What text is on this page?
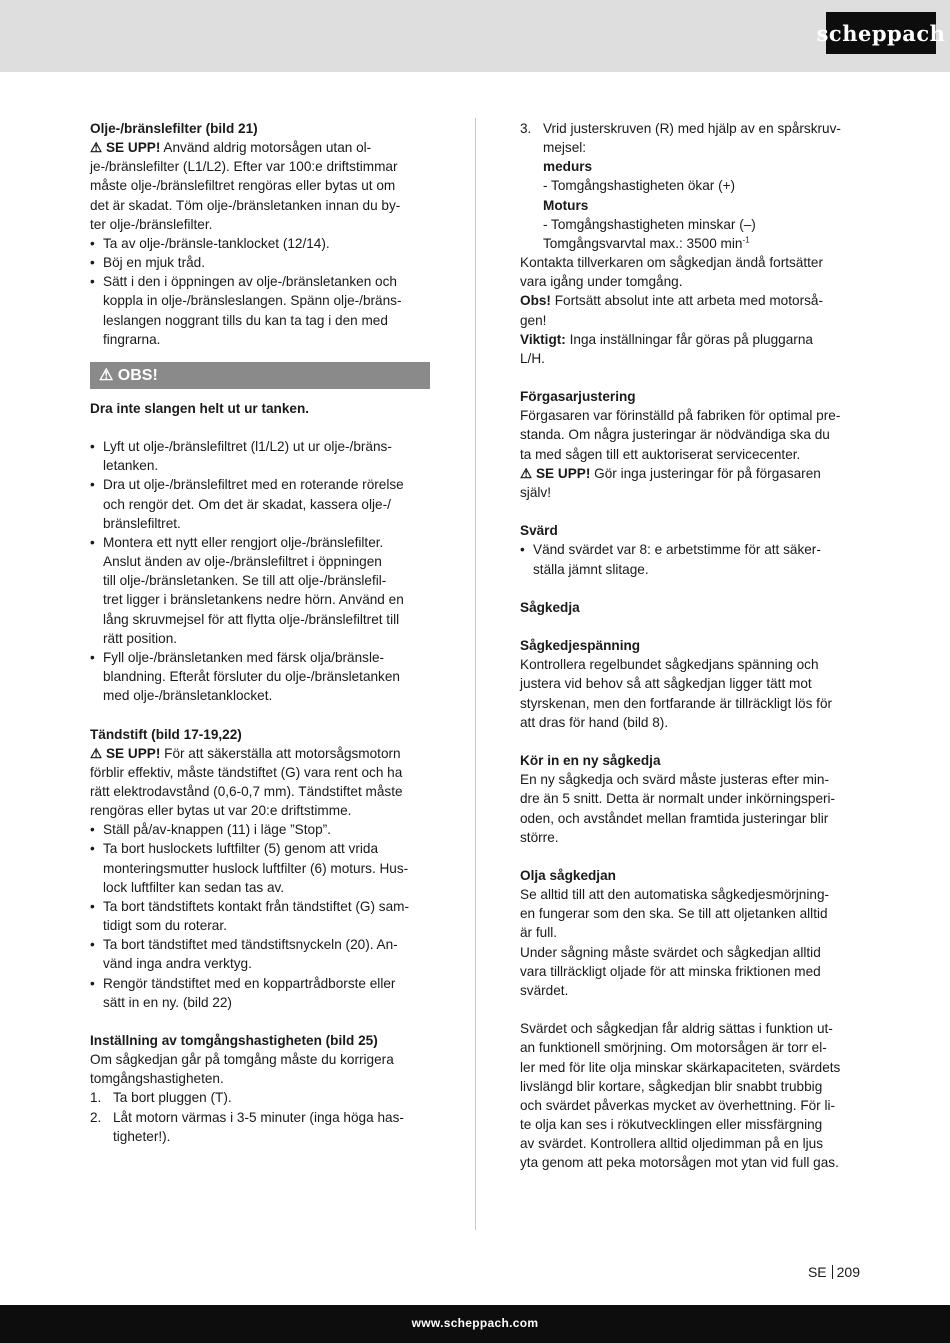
scheppach

Olje-/bränslefilter (bild 21)

⚠ SE UPP! Använd aldrig motorsågen utan ol-

je-/bränslefilter (L1/L2). Efter var 100:e driftstimmar

måste olje-/bränslefiltret rengöras eller bytas ut om

det är skadat. Töm olje-/bränsletanken innan du by-

ter olje-/bränslefilter.

• Ta av olje-/bränsle-tanklocket (12/14).
• Böj en mjuk tråd.
• Sätt i den i öppningen av olje-/bränsletanken och
koppla in olje-/bränsleslangen. Spänn olje-/bräns-
leslangen noggrant tills du kan ta tag i den med
fingrarna.
⚠ OBS!

Dra inte slangen helt ut ur tanken.

• Lyft ut olje-/bränslefiltret (l1/L2) ut ur olje-/bräns-
letanken.
• Dra ut olje-/bränslefiltret med en roterande rörelse
och rengör det. Om det är skadat, kassera olje-/
bränslefiltret.
• Montera ett nytt eller rengjort olje-/bränslefilter.
Anslut änden av olje-/bränslefiltret i öppningen
till olje-/bränsletanken. Se till att olje-/bränslefil-
tret ligger i bränsletankens nedre hörn. Använd en
lång skruvmejsel för att flytta olje-/bränslefiltret till
rätt position.
• Fyll olje-/bränsletanken med färsk olja/bränsle-
blandning. Efteråt försluter du olje-/bränsletanken
med olje-/bränsletanklocket.

Tändstift (bild 17-19,22)

⚠ SE UPP! För att säkerställa att motorsågsmotorn

förblir effektiv, måste tändstiftet (G) vara rent och ha

rätt elektrodavstånd (0,6-0,7 mm). Tändstiftet måste

rengöras eller bytas ut var 20:e driftstimme.

• Ställ på/av-knappen (11) i läge ”Stop”.
• Ta bort huslockets luftfilter (5) genom att vrida
monteringsmutter huslock luftfilter (6) moturs. Hus-
lock luftfilter kan sedan tas av.
• Ta bort tändstiftets kontakt från tändstiftet (G) sam-
tidigt som du roterar.
• Ta bort tändstiftet med tändstiftsnyckeln (20). An-
vänd inga andra verktyg.
• Rengör tändstiftet med en koppartrådborste eller
sätt in en ny. (bild 22)

Inställning av tomgångshastigheten (bild 25)

Om sågkedjan går på tomgång måste du korrigera

tomgångshastigheten.

1. Ta bort pluggen (T).
2. Låt motorn värmas i 3-5 minuter (inga höga has-
tigheter!).
3. Vrid justerskruven (R) med hjälp av en spårskruv-
mejsel:

medurs

- Tomgångshastigheten ökar (+)

Moturs

- Tomgångshastigheten minskar (–)

Tomgångsvarvtal max.: 3500 $\min^{-1}$

Kontakta tillverkaren om sågkedjan ändå fortsätter

vara igång under tomgång.

Obs! Fortsätt absolut inte att arbeta med motorså-

gen!

Viktigt: Inga inställningar får göras på pluggarna

L/H.

Förgasarjustering

Förgasaren var förinställd på fabriken för optimal pre-

standa. Om några justeringar är nödvändiga ska du

ta med sågen till ett auktoriserat servicecenter.

⚠ SE UPP! Gör inga justeringar för på förgasaren

själv!

Svärd

• Vänd svärdet var 8: e arbetstimme för att säker-
ställa jämnt slitage.

Sågkedja

Sågkedjespänning

Kontrollera regelbundet sågkedjans spänning och

justera vid behov så att sågkedjan ligger tätt mot

styrskenan, men den fortfarande är tillräckligt lös för

att dras för hand (bild 8).

Kör in en ny sågkedja

En ny sågkedja och svärd måste justeras efter min-

dre än 5 snitt. Detta är normalt under inkörningsperi-

oden, och avståndet mellan framtida justeringar blir

större.

Olja sågkedjan

Se alltid till att den automatiska sågkedjesmörjning-

en fungerar som den ska. Se till att oljetanken alltid

är full.

Under sågning måste svärdet och sågkedjan alltid

vara tillräckligt oljade för att minska friktionen med

svärdet.

Svärdet och sågkedjan får aldrig sättas i funktion ut-

an funktionell smörjning. Om motorsågen är torr el-

ler med för lite olja minskar skärkapaciteten, svärdets

livslängd blir kortare, sågkedjan blir snabbt trubbig

och svärdet påverkas mycket av överhettning. För li-

te olja kan ses i rökutvecklingen eller missfärgning

av svärdet. Kontrollera alltid oljedimman på en ljus

yta genom att peka motorsågen mot ytan vid full gas.

SE 209
www.scheppach.com
